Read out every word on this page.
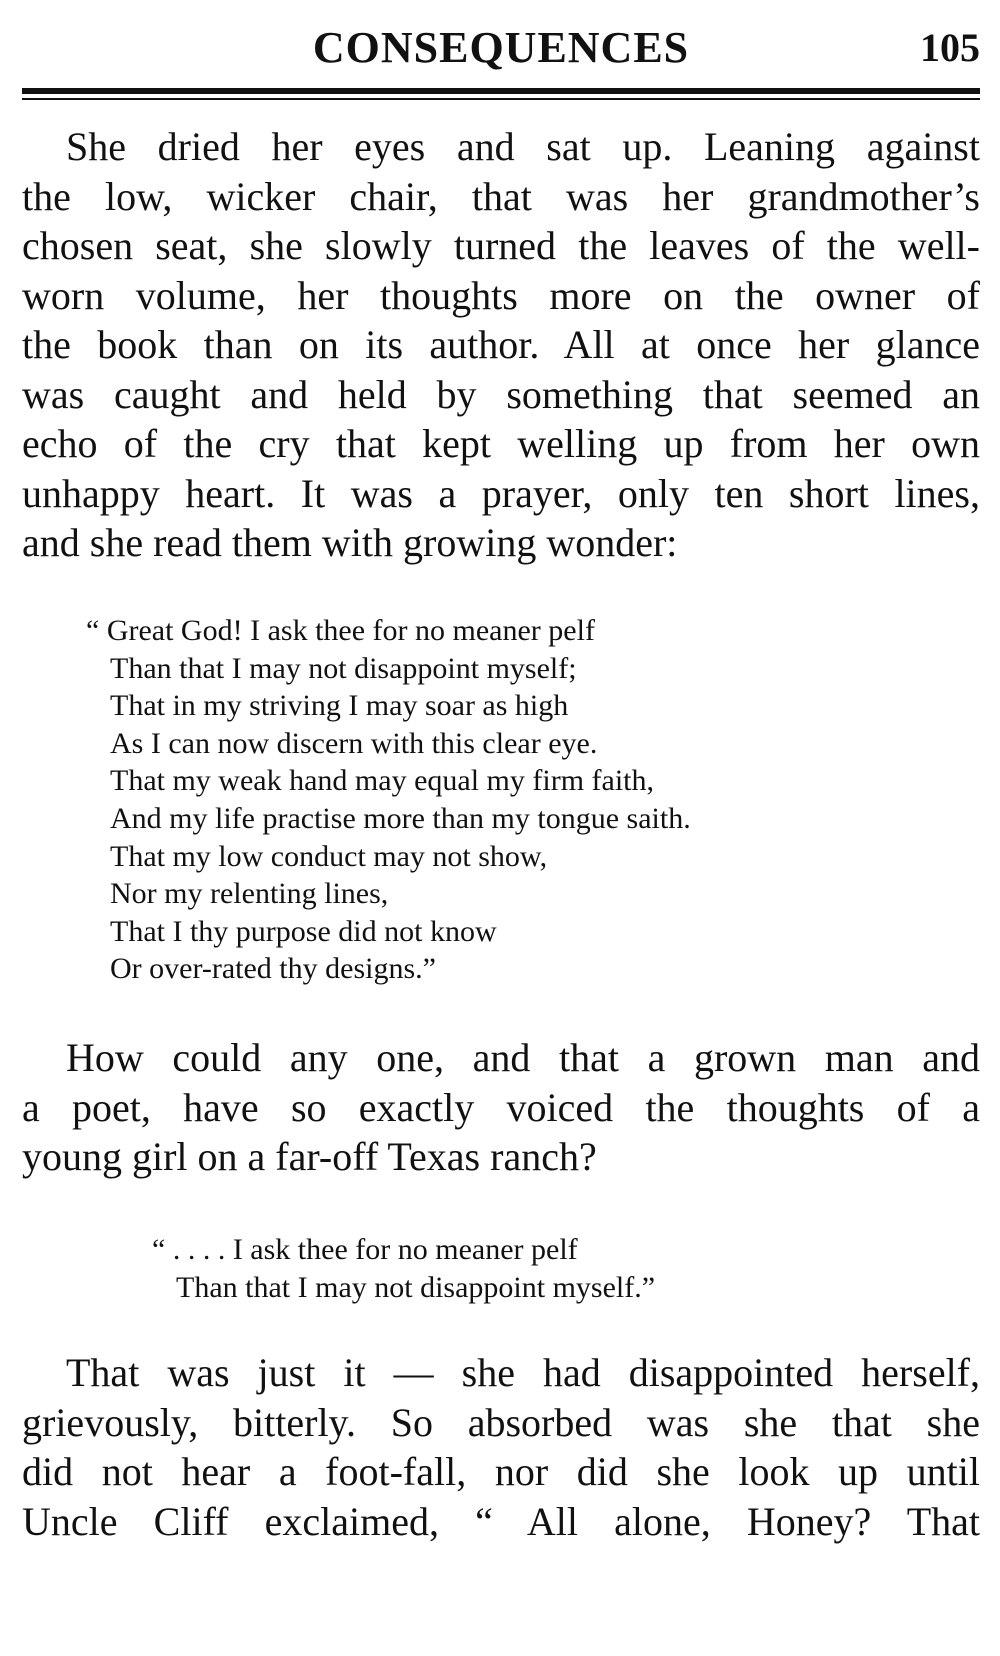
CONSEQUENCES	105
She dried her eyes and sat up. Leaning against
the low, wicker chair, that was her grandmother’s
chosen seat, she slowly turned the leaves of the well-
worn volume, her thoughts more on the owner of
the book than on its author. All at once her glance
was caught and held by something that seemed an
echo of the cry that kept welling up from her own
unhappy heart. It was a prayer, only ten short lines,
and she read them with growing wonder:
“ Great God! I ask thee for no meaner pelf
Than that I may not disappoint myself;
That in my striving I may soar as high
As I can now discern with this clear eye.
That my weak hand may equal my firm faith,
And my life practise more than my tongue saith.
That my low conduct may not show,
Nor my relenting lines,
That I thy purpose did not know
Or over-rated thy designs.”
How could any one, and that a grown man and
a poet, have so exactly voiced the thoughts of a
young girl on a far-off Texas ranch?
“ . . . . I ask thee for no meaner pelf
Than that I may not disappoint myself.”
That was just it — she had disappointed herself,
grievously, bitterly. So absorbed was she that she
did not hear a foot-fall, nor did she look up until
Uncle Cliff exclaimed, “ All alone, Honey? That
